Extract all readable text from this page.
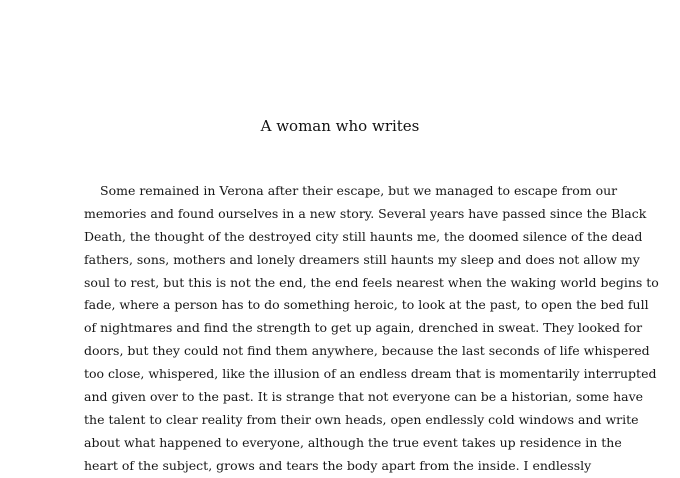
A woman who writes
Some remained in Verona after their escape, but we managed to escape from our
memories and found ourselves in a new story. Several years have passed since the Black
Death, the thought of the destroyed city still haunts me, the doomed silence of the dead
fathers, sons, mothers and lonely dreamers still haunts my sleep and does not allow my
soul to rest, but this is not the end, the end feels nearest when the waking world begins to
fade, where a person has to do something heroic, to look at the past, to open the bed full
of nightmares and find the strength to get up again, drenched in sweat. They looked for
doors, but they could not find them anywhere, because the last seconds of life whispered
too close, whispered, like the illusion of an endless dream that is momentarily interrupted
and given over to the past. It is strange that not everyone can be a historian, some have
the talent to clear reality from their own heads, open endlessly cold windows and write
about what happened to everyone, although the true event takes up residence in the
heart of the subject, grows and tears the body apart from the inside. I endlessly
